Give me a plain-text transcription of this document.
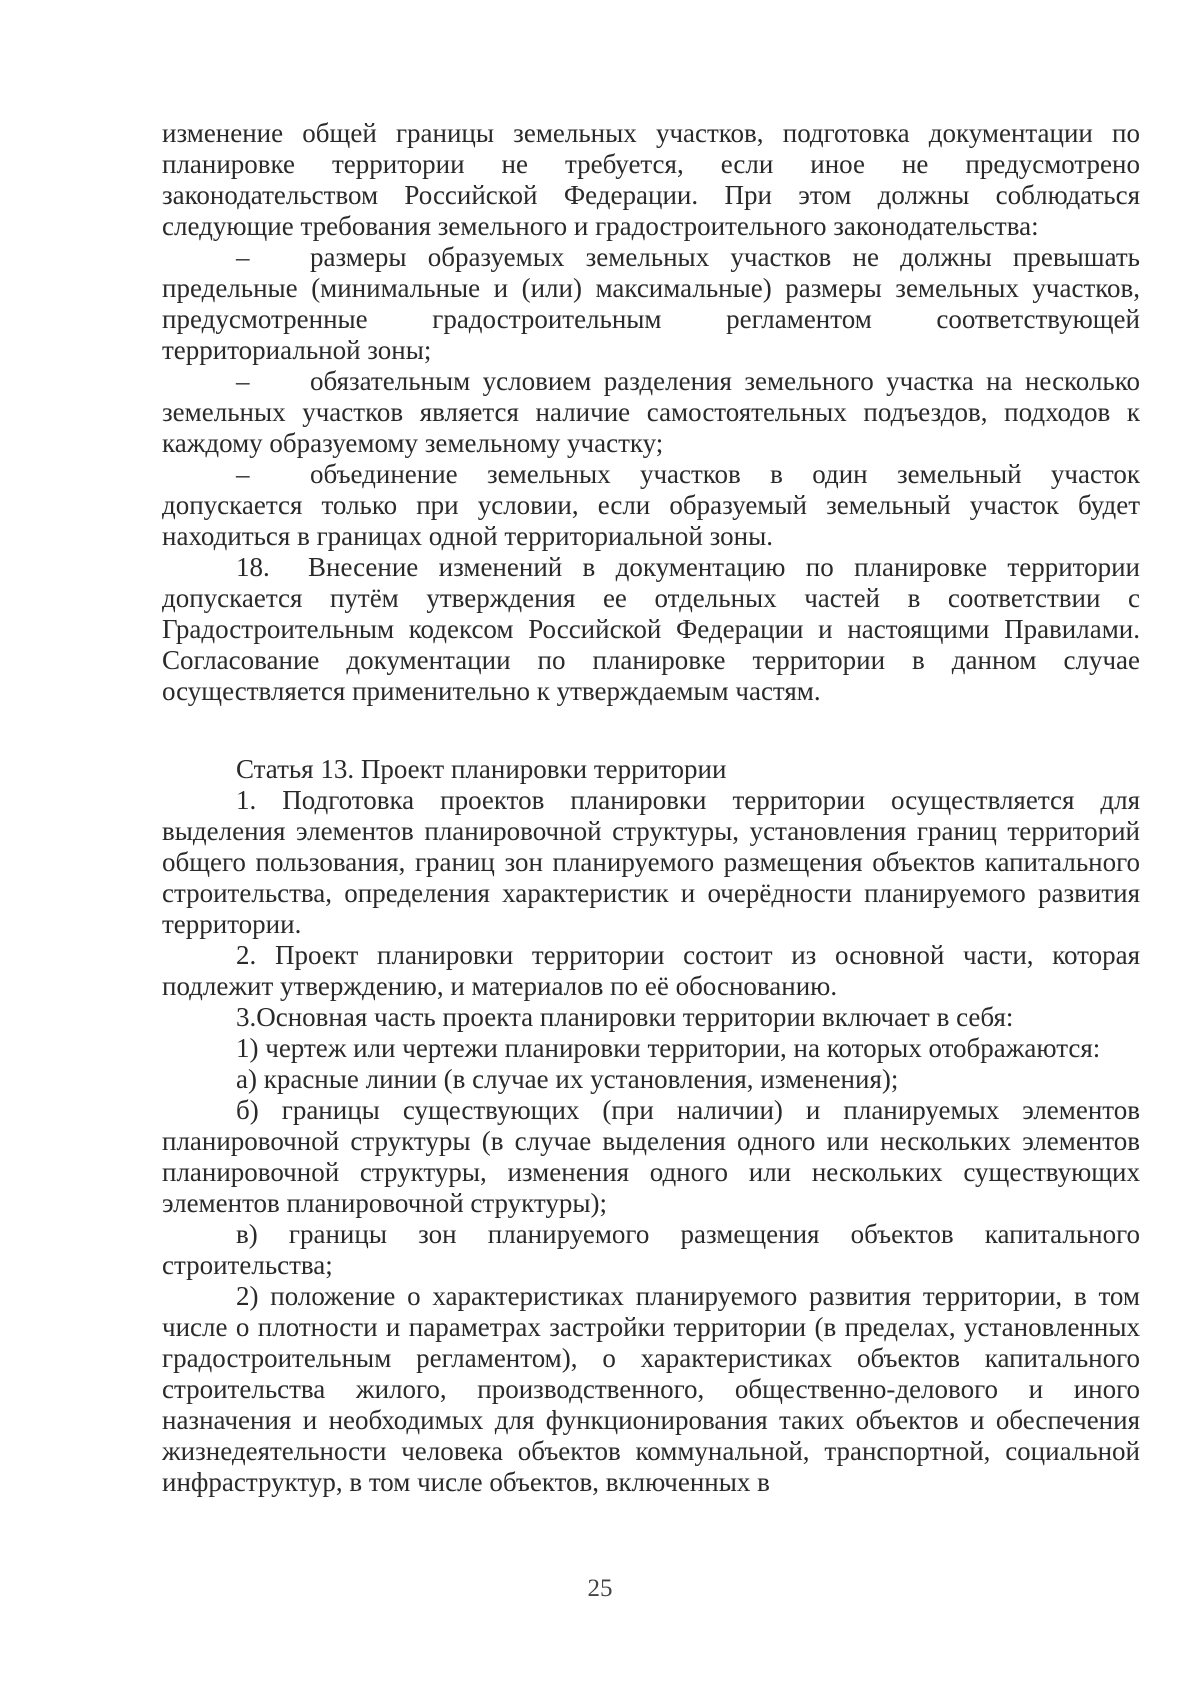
изменение общей границы земельных участков, подготовка документации по планировке территории не требуется, если иное не предусмотрено законодательством Российской Федерации. При этом должны соблюдаться следующие требования земельного и градостроительного законодательства:

– размеры образуемых земельных участков не должны превышать предельные (минимальные и (или) максимальные) размеры земельных участков, предусмотренные градостроительным регламентом соответствующей территориальной зоны;

– обязательным условием разделения земельного участка на несколько земельных участков является наличие самостоятельных подъездов, подходов к каждому образуемому земельному участку;

– объединение земельных участков в один земельный участок допускается только при условии, если образуемый земельный участок будет находиться в границах одной территориальной зоны.

18. Внесение изменений в документацию по планировке территории допускается путём утверждения ее отдельных частей в соответствии с Градостроительным кодексом Российской Федерации и настоящими Правилами. Согласование документации по планировке территории в данном случае осуществляется применительно к утверждаемым частям.

Статья 13. Проект планировки территории

1. Подготовка проектов планировки территории осуществляется для выделения элементов планировочной структуры, установления границ территорий общего пользования, границ зон планируемого размещения объектов капитального строительства, определения характеристик и очерёдности планируемого развития территории.

2. Проект планировки территории состоит из основной части, которая подлежит утверждению, и материалов по её обоснованию.

3.Основная часть проекта планировки территории включает в себя:

1) чертеж или чертежи планировки территории, на которых отображаются:

а) красные линии (в случае их установления, изменения);

б) границы существующих (при наличии) и планируемых элементов планировочной структуры (в случае выделения одного или нескольких элементов планировочной структуры, изменения одного или нескольких существующих элементов планировочной структуры);

в) границы зон планируемого размещения объектов капитального строительства;

2) положение о характеристиках планируемого развития территории, в том числе о плотности и параметрах застройки территории (в пределах, установленных градостроительным регламентом), о характеристиках объектов капитального строительства жилого, производственного, общественно-делового и иного назначения и необходимых для функционирования таких объектов и обеспечения жизнедеятельности человека объектов коммунальной, транспортной, социальной инфраструктур, в том числе объектов, включенных в

25
